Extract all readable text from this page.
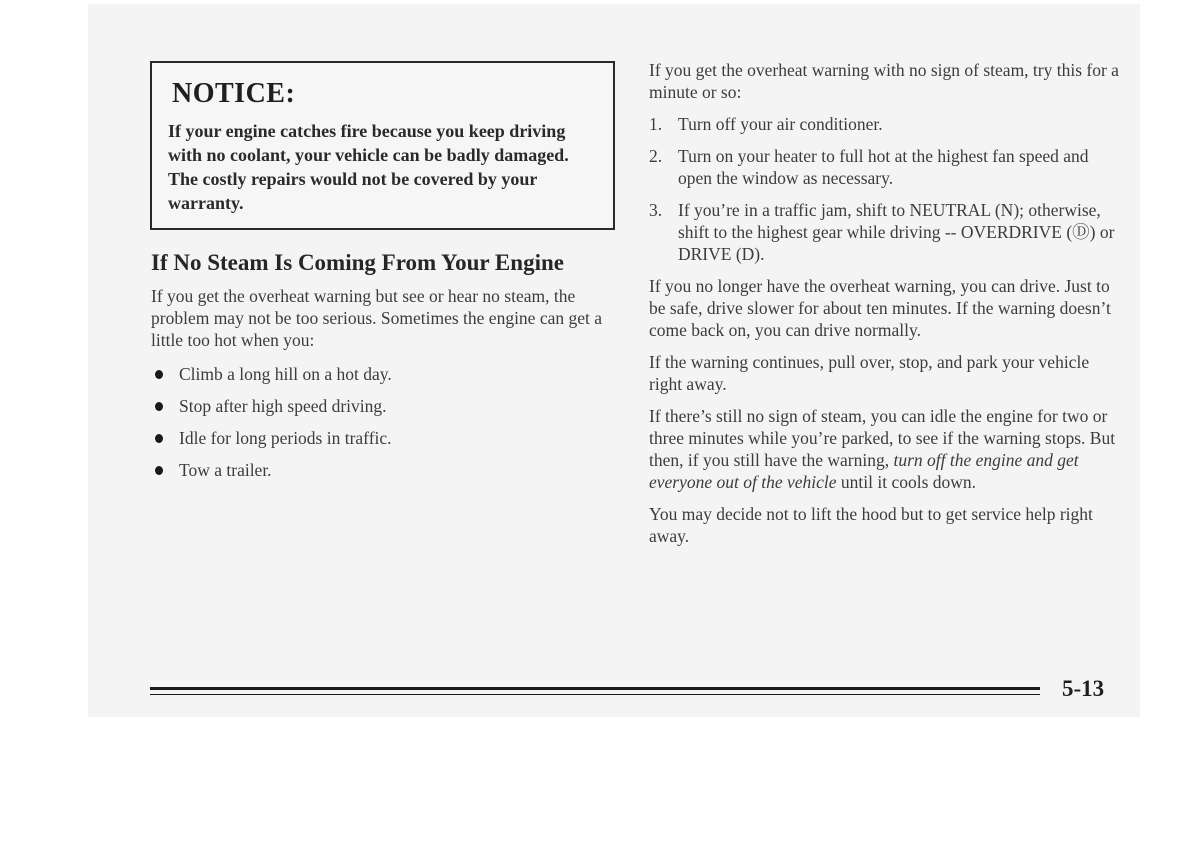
NOTICE:
If your engine catches fire because you keep driving with no coolant, your vehicle can be badly damaged. The costly repairs would not be covered by your warranty.
If No Steam Is Coming From Your Engine

If you get the overheat warning but see or hear no steam, the problem may not be too serious. Sometimes the engine can get a little too hot when you:

Climb a long hill on a hot day.
Stop after high speed driving.
Idle for long periods in traffic.
Tow a trailer.

If you get the overheat warning with no sign of steam, try this for a minute or so:

1. Turn off your air conditioner.
2. Turn on your heater to full hot at the highest fan speed and open the window as necessary.
3. If you’re in a traffic jam, shift to NEUTRAL (N); otherwise, shift to the highest gear while driving -- OVERDRIVE (Ⓓ) or DRIVE (D).

If you no longer have the overheat warning, you can drive. Just to be safe, drive slower for about ten minutes. If the warning doesn’t come back on, you can drive normally.

If the warning continues, pull over, stop, and park your vehicle right away.

If there’s still no sign of steam, you can idle the engine for two or three minutes while you’re parked, to see if the warning stops. But then, if you still have the warning, turn off the engine and get everyone out of the vehicle until it cools down.

You may decide not to lift the hood but to get service help right away.

5-13
